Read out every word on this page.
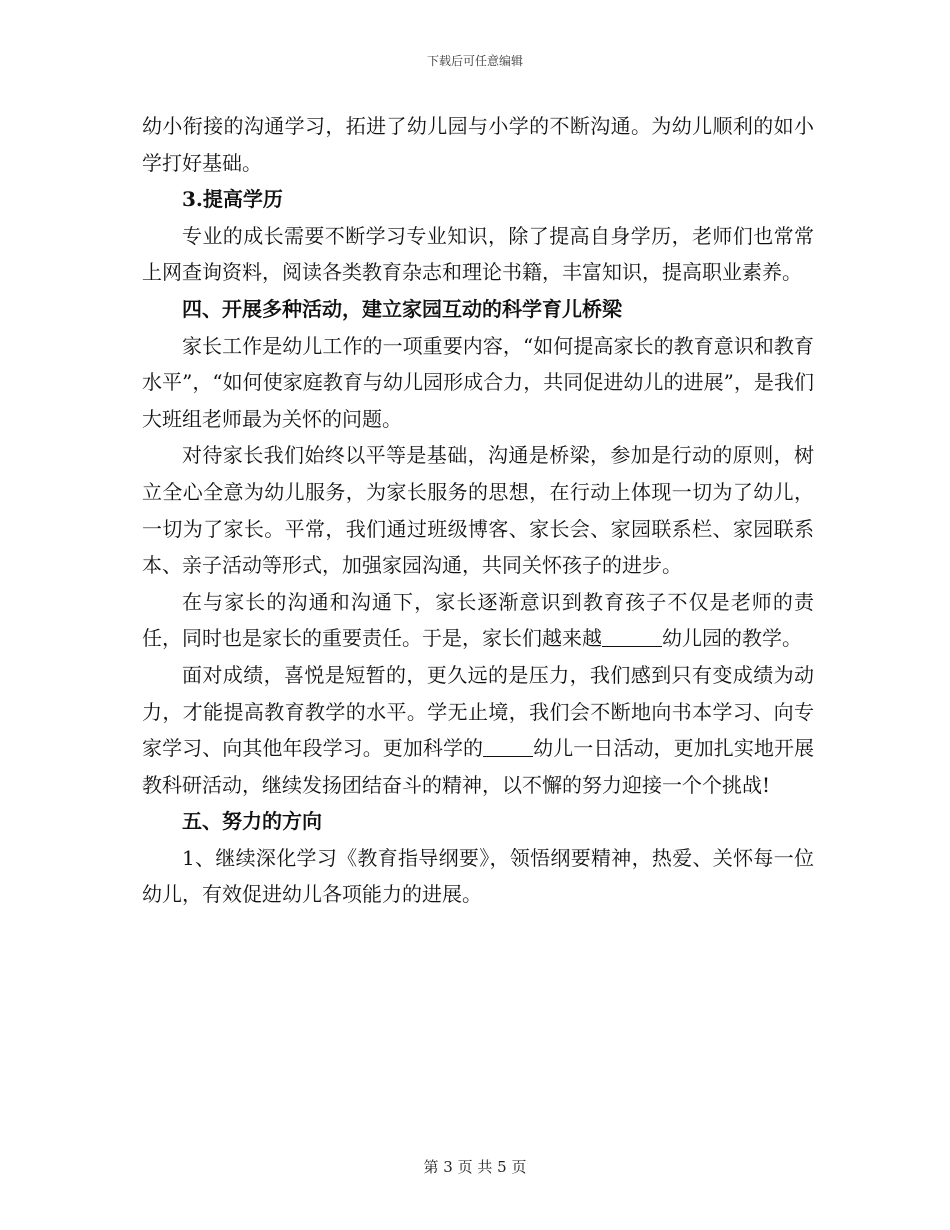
下载后可任意编辑

幼小衔接的沟通学习，拓进了幼儿园与小学的不断沟通。为幼儿顺利的如小学打好基础。

3.提高学历

专业的成长需要不断学习专业知识，除了提高自身学历，老师们也常常上网查询资料，阅读各类教育杂志和理论书籍，丰富知识，提高职业素养。

四、开展多种活动，建立家园互动的科学育儿桥梁

家长工作是幼儿工作的一项重要内容，“如何提高家长的教育意识和教育水平”，“如何使家庭教育与幼儿园形成合力，共同促进幼儿的进展”，是我们大班组老师最为关怀的问题。

对待家长我们始终以平等是基础，沟通是桥梁，参加是行动的原则，树立全心全意为幼儿服务，为家长服务的思想，在行动上体现一切为了幼儿，一切为了家长。平常，我们通过班级博客、家长会、家园联系栏、家园联系本、亲子活动等形式，加强家园沟通，共同关怀孩子的进步。

在与家长的沟通和沟通下，家长逐渐意识到教育孩子不仅是老师的责任，同时也是家长的重要责任。于是，家长们越来越	幼儿园的教学。

面对成绩，喜悦是短暂的，更久远的是压力，我们感到只有变成绩为动力，才能提高教育教学的水平。学无止境，我们会不断地向书本学习、向专家学习、向其他年段学习。更加科学的	幼儿一日活动，更加扎实地开展教科研活动，继续发扬团结奋斗的精神，以不懈的努力迎接一个个挑战!

五、努力的方向

1、继续深化学习《教育指导纲要》，领悟纲要精神，热爱、关怀每一位幼儿，有效促进幼儿各项能力的进展。

第 3 页 共 5 页
